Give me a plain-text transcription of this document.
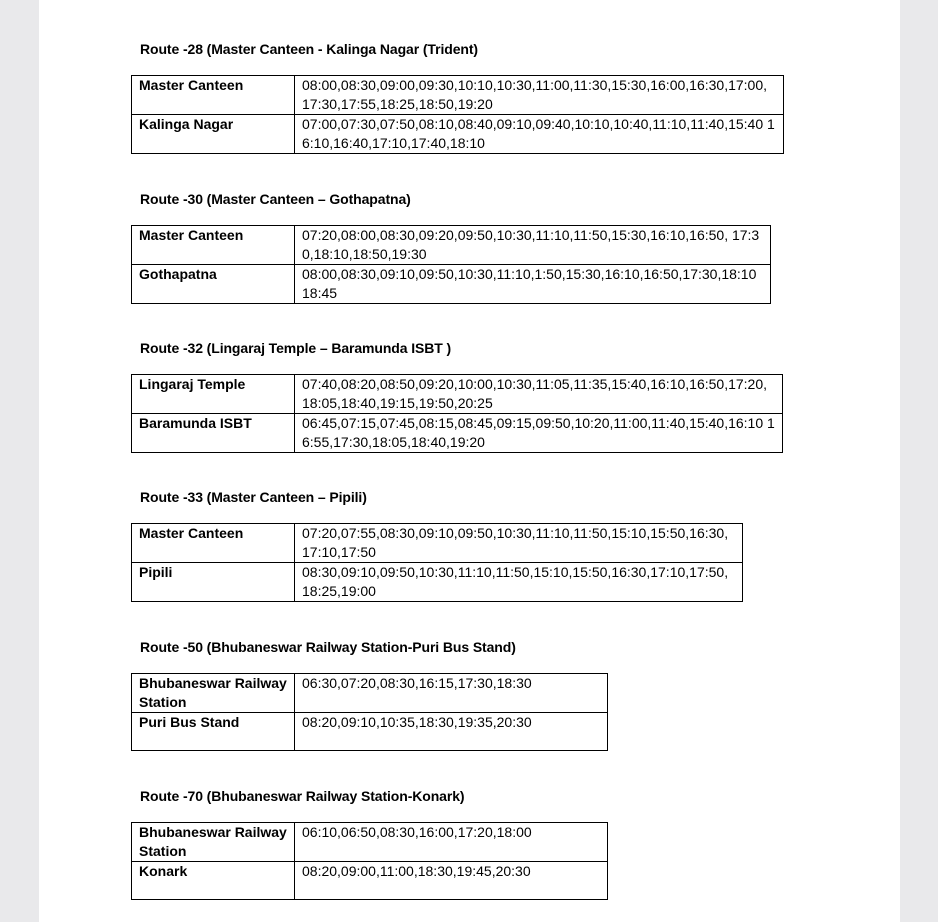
Route -28 (Master Canteen - Kalinga Nagar (Trident)
Master Canteen	08:00,08:30,09:00,09:30,10:10,10:30,11:00,11:30,15:30,16:00,16:30,17:00, 17:30,17:55,18:25,18:50,19:20
Kalinga Nagar	07:00,07:30,07:50,08:10,08:40,09:10,09:40,10:10,10:40,11:10,11:40,15:40 16:10,16:40,17:10,17:40,18:10
Route -30 (Master Canteen – Gothapatna)
Master Canteen	07:20,08:00,08:30,09:20,09:50,10:30,11:10,11:50,15:30,16:10,16:50, 17:30,18:10,18:50,19:30
Gothapatna	08:00,08:30,09:10,09:50,10:30,11:10,1:50,15:30,16:10,16:50,17:30,18:10 18:45
Route -32 (Lingaraj Temple – Baramunda ISBT )
Lingaraj Temple	07:40,08:20,08:50,09:20,10:00,10:30,11:05,11:35,15:40,16:10,16:50,17:20, 18:05,18:40,19:15,19:50,20:25
Baramunda ISBT	06:45,07:15,07:45,08:15,08:45,09:15,09:50,10:20,11:00,11:40,15:40,16:10 16:55,17:30,18:05,18:40,19:20
Route -33 (Master Canteen – Pipili)
Master Canteen	07:20,07:55,08:30,09:10,09:50,10:30,11:10,11:50,15:10,15:50,16:30, 17:10,17:50
Pipili	08:30,09:10,09:50,10:30,11:10,11:50,15:10,15:50,16:30,17:10,17:50, 18:25,19:00
Route -50 (Bhubaneswar Railway Station-Puri Bus Stand)
Bhubaneswar Railway Station	06:30,07:20,08:30,16:15,17:30,18:30
Puri Bus Stand	08:20,09:10,10:35,18:30,19:35,20:30
Route -70 (Bhubaneswar Railway Station-Konark)
Bhubaneswar Railway Station	06:10,06:50,08:30,16:00,17:20,18:00
Konark	08:20,09:00,11:00,18:30,19:45,20:30
